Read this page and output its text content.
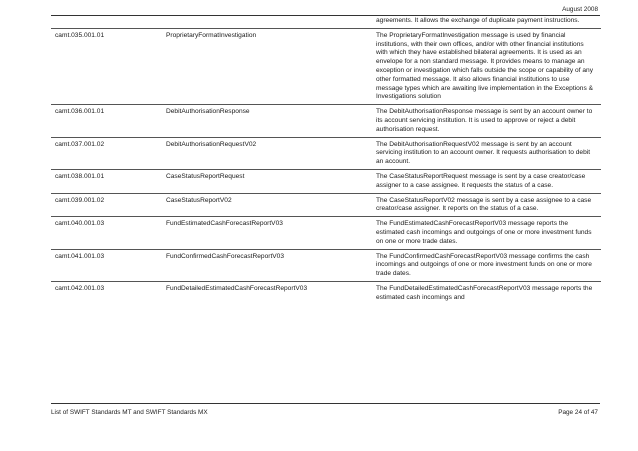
August 2008
		agreements. It allows the exchange of duplicate payment instructions.
camt.035.001.01	ProprietaryFormatInvestigation	The ProprietaryFormatInvestigation message is used by financial institutions, with their own offices, and/or with other financial institutions with which they have established bilateral agreements. It is used as an envelope for a non standard message. It provides means to manage an exception or investigation which falls outside the scope or capability of any other formatted message. It also allows financial institutions to use message types which are awaiting live implementation in the Exceptions & Investigations solution
camt.036.001.01	DebitAuthorisationResponse	The DebitAuthorisationResponse message is sent by an account owner to its account servicing institution. It is used to approve or reject a debit authorisation request.
camt.037.001.02	DebitAuthorisationRequestV02	The DebitAuthorisationRequestV02 message is sent by an account servicing institution to an account owner. It requests authorisation to debit an account.
camt.038.001.01	CaseStatusReportRequest	The CaseStatusReportRequest message is sent by a case creator/case assigner to a case assignee. It requests the status of a case.
camt.039.001.02	CaseStatusReportV02	The CaseStatusReportV02 message is sent by a case assignee to a case creator/case assigner. It reports on the status of a case.
camt.040.001.03	FundEstimatedCashForecastReportV03	The FundEstimatedCashForecastReportV03 message reports the estimated cash incomings and outgoings of one or more investment funds on one or more trade dates.
camt.041.001.03	FundConfirmedCashForecastReportV03	The FundConfirmedCashForecastReportV03 message confirms the cash incomings and outgoings of one or more investment funds on one or more trade dates.
camt.042.001.03	FundDetailedEstimatedCashForecastReportV03	The FundDetailedEstimatedCashForecastReportV03 message reports the estimated cash incomings and
List of SWIFT Standards MT and SWIFT Standards MX	Page 24 of 47
